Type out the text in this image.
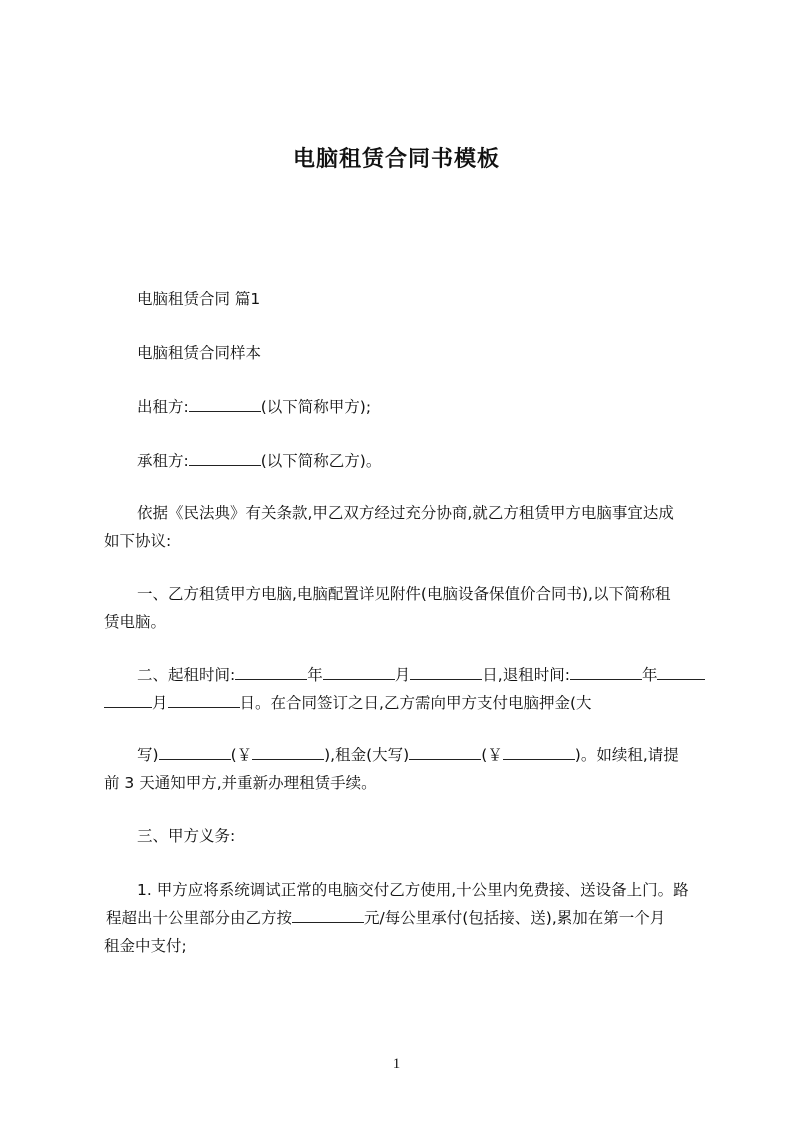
电脑租赁合同书模板
电脑租赁合同 篇1
电脑租赁合同样本
出租方:	(以下简称甲方);
承租方:	(以下简称乙方)。
依据《民法典》有关条款,甲乙双方经过充分协商,就乙方租赁甲方电脑事宜达成
如下协议:
一、乙方租赁甲方电脑,电脑配置详见附件(电脑设备保值价合同书),以下简称租
赁电脑。
二、起租时间:	年	月	日,退租时间:	年
月	日。在合同签订之日,乙方需向甲方支付电脑押金(大
写)	(￥	),租金(大写)	(￥	)。如续租,请提
前 3 天通知甲方,并重新办理租赁手续。
三、甲方义务:
1. 甲方应将系统调试正常的电脑交付乙方使用,十公里内免费接、送设备上门。路
程超出十公里部分由乙方按	元/每公里承付(包括接、送),累加在第一个月
租金中支付;
1
